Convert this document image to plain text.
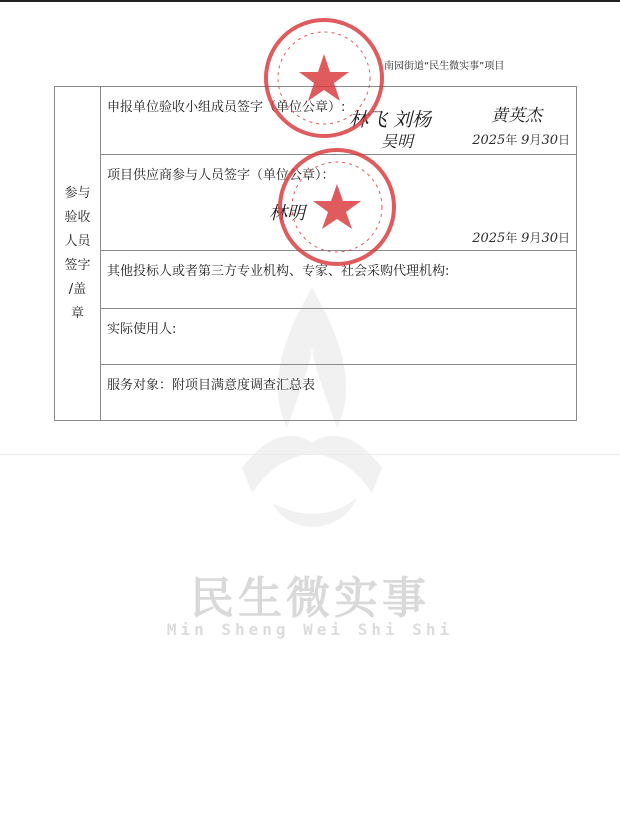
南园街道“民生微实事”项目
民生微实事
Min Sheng Wei Shi Shi
参与
验收
人员
签字
/盖
章

申报单位验收小组成员签字（单位公章）:
林飞 刘杨	黄英杰
吴明	2025年 9月30日

项目供应商参与人员签字（单位公章）：
林明
2025年 9月30日

其他投标人或者第三方专业机构、专家、社会采购代理机构:

实际使用人:

服务对象：附项目满意度调查汇总表
